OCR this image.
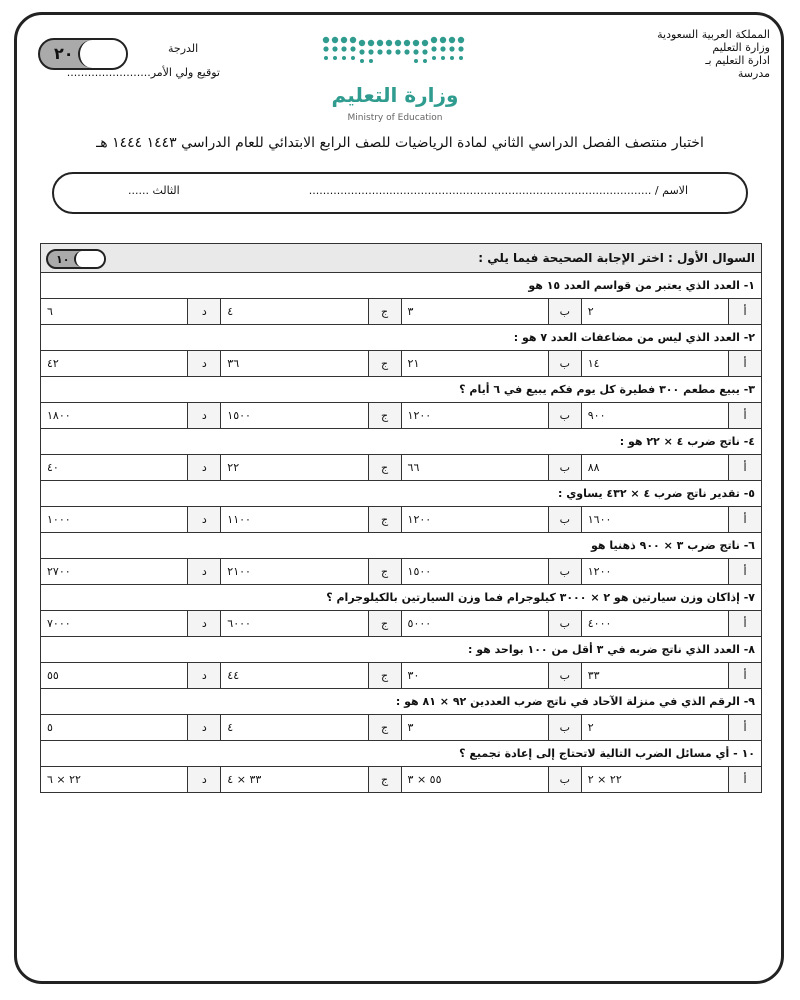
المملكة العربية السعودية
وزارة التعليم
ادارة التعليم بـ
مدرسة
٢٠	الدرجة
توقيع ولي الأمر........................
وزارة التعليم
Ministry of Education
اختبار منتصف الفصل الدراسي الثاني لمادة الرياضيات للصف الرابع الابتدائي للعام الدراسي ١٤٤٣ ١٤٤٤ هـ
الاسم / ..................................................................................................
الثالث ......
السوال الأول : اختر الإجابة الصحيحة فيما يلي :							
١- العدد الذي يعتبر من قواسم العدد ١٥ هو							
أ	٢	ب	٣	ج	٤	د	٦
٢- العدد الذي ليس من مضاعفات العدد ٧ هو :							
أ	١٤	ب	٢١	ج	٣٦	د	٤٢
٣- يبيع مطعم ٣٠٠ فطيرة كل يوم فكم يبيع في ٦ أيام ؟							
أ	٩٠٠	ب	١٢٠٠	ج	١٥٠٠	د	١٨٠٠
٤- ناتج ضرب ٤ × ٢٢ هو :							
أ	٨٨	ب	٦٦	ج	٢٢	د	٤٠
٥- تقدير ناتج ضرب ٤ × ٤٣٢ يساوي :							
أ	١٦٠٠	ب	١٢٠٠	ج	١١٠٠	د	١٠٠٠
٦- ناتج ضرب ٣ × ٩٠٠ ذهنيا هو							
أ	١٢٠٠	ب	١٥٠٠	ج	٢١٠٠	د	٢٧٠٠
٧- إذاكان وزن سيارتين هو ٢ × ٣٠٠٠ كيلوجرام فما وزن السيارتين بالكيلوجرام ؟							
أ	٤٠٠٠	ب	٥٠٠٠	ج	٦٠٠٠	د	٧٠٠٠
٨- العدد الذي ناتج ضربه في ٣ أقل من ١٠٠ بواحد هو :							
أ	٣٣	ب	٣٠	ج	٤٤	د	٥٥
٩- الرقم الذي في منزلة الآحاد في ناتج ضرب العددين ٩٢ × ٨١ هو :							
أ	٢	ب	٣	ج	٤	د	٥
١٠ - أي مسائل الضرب التالية لاتحتاج إلى إعادة تجميع ؟							
أ	٢٢ × ٢	ب	٥٥ × ٣	ج	٣٣ × ٤	د	٢٢ × ٦
١٠
